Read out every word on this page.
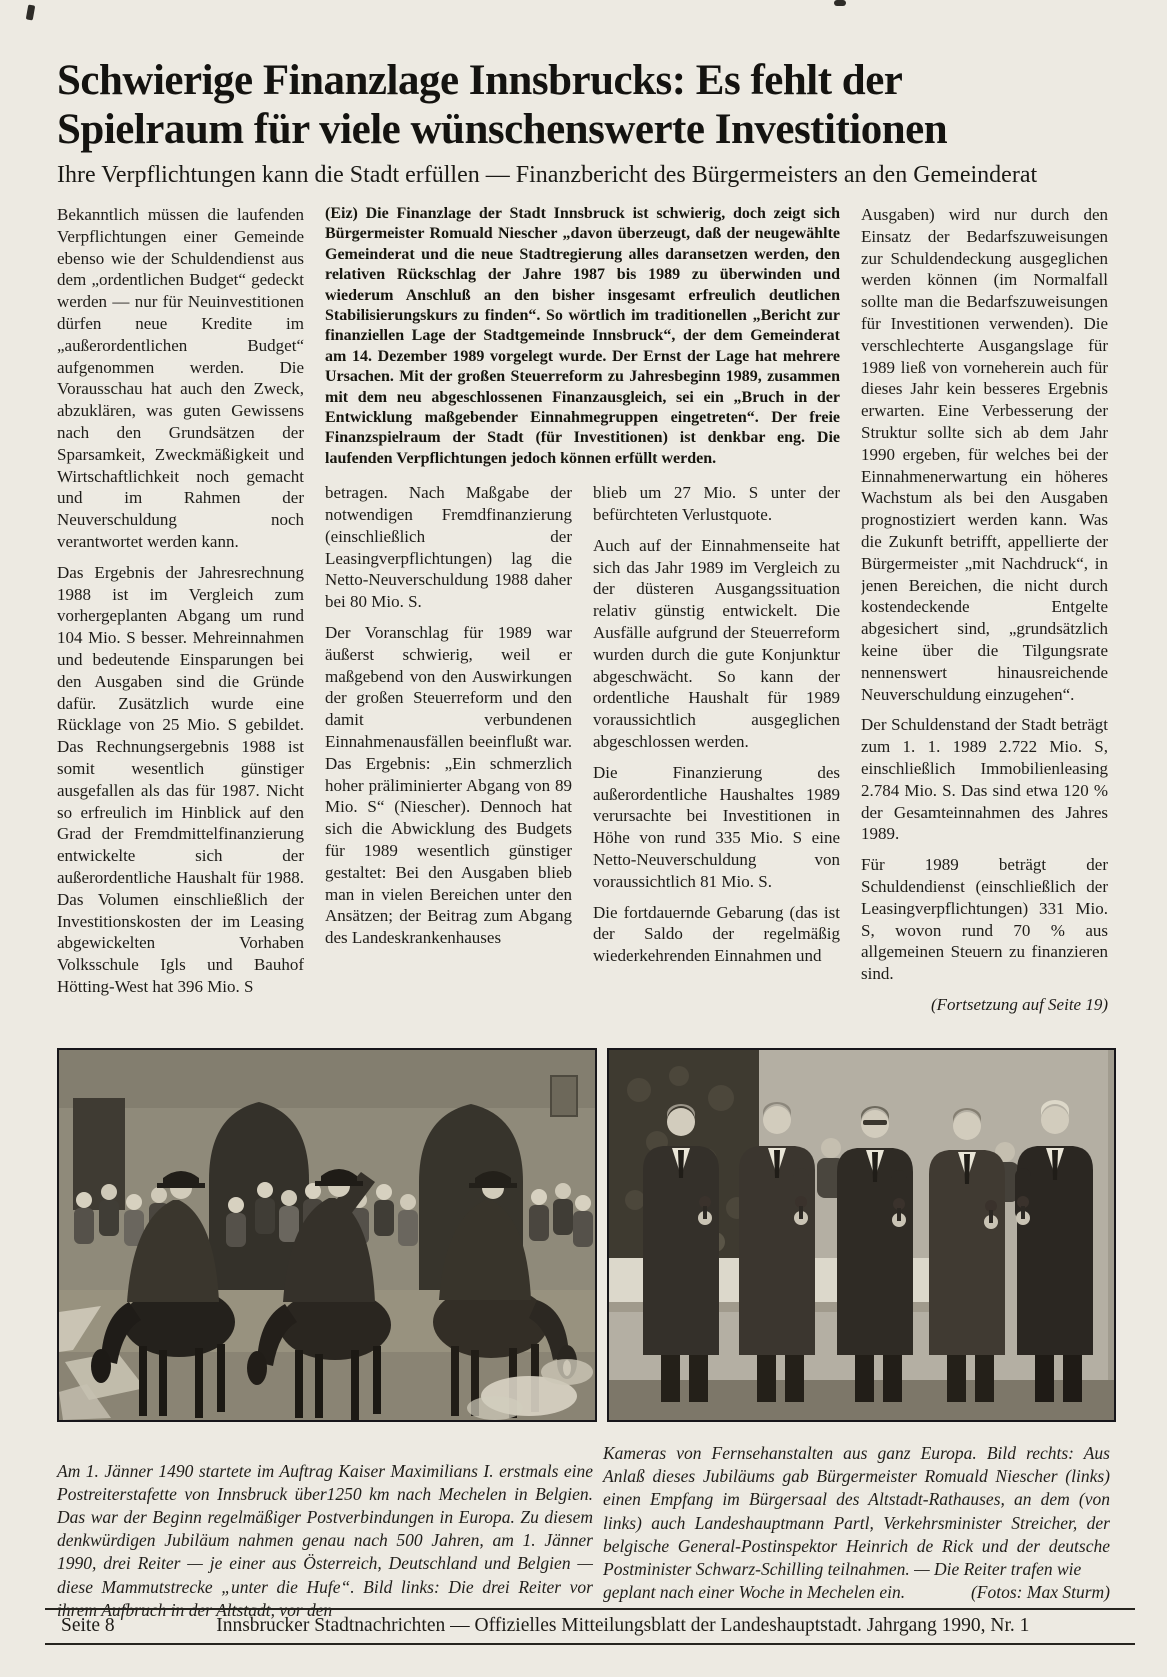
Schwierige Finanzlage Innsbrucks: Es fehlt der
Spielraum für viele wünschenswerte Investitionen
Ihre Verpflichtungen kann die Stadt erfüllen — Finanzbericht des Bürgermeisters an den Gemeinderat

Bekanntlich müssen die laufenden Verpflichtungen einer Gemeinde ebenso wie der Schuldendienst aus dem „ordentlichen Budget“ gedeckt werden — nur für Neuinvestitionen dürfen neue Kredite im „außerordentlichen Budget“ aufgenommen werden. Die Vorausschau hat auch den Zweck, abzuklären, was guten Gewissens nach den Grundsätzen der Sparsamkeit, Zweckmäßigkeit und Wirtschaftlichkeit noch gemacht und im Rahmen der Neuverschuldung noch verantwortet werden kann.

Das Ergebnis der Jahresrechnung 1988 ist im Vergleich zum vorhergeplanten Abgang um rund 104 Mio. S besser. Mehreinnahmen und bedeutende Einsparungen bei den Ausgaben sind die Gründe dafür. Zusätzlich wurde eine Rücklage von 25 Mio. S gebildet. Das Rechnungsergebnis 1988 ist somit wesentlich günstiger ausgefallen als das für 1987. Nicht so erfreulich im Hinblick auf den Grad der Fremdmittelfinanzierung entwickelte sich der außerordentliche Haushalt für 1988. Das Volumen einschließlich der Investitionskosten der im Leasing abgewickelten Vorhaben Volksschule Igls und Bauhof Hötting-West hat 396 Mio. S

(Eiz) Die Finanzlage der Stadt Innsbruck ist schwierig, doch zeigt sich Bürgermeister Romuald Niescher „davon überzeugt, daß der neugewählte Gemeinderat und die neue Stadtregierung alles daransetzen werden, den relativen Rückschlag der Jahre 1987 bis 1989 zu überwinden und wiederum Anschluß an den bisher insgesamt erfreulich deutlichen Stabilisierungskurs zu finden“. So wörtlich im traditionellen „Bericht zur finanziellen Lage der Stadtgemeinde Innsbruck“, der dem Gemeinderat am 14. Dezember 1989 vorgelegt wurde. Der Ernst der Lage hat mehrere Ursachen. Mit der großen Steuerreform zu Jahresbeginn 1989, zusammen mit dem neu abgeschlossenen Finanzausgleich, sei ein „Bruch in der Entwicklung maßgebender Einnahmegruppen eingetreten“. Der freie Finanzspielraum der Stadt (für Investitionen) ist denkbar eng. Die laufenden Verpflichtungen jedoch können erfüllt werden.

betragen. Nach Maßgabe der notwendigen Fremdfinanzierung (einschließlich der Leasingverpflichtungen) lag die Netto-Neuverschuldung 1988 daher bei 80 Mio. S.

Der Voranschlag für 1989 war äußerst schwierig, weil er maßgebend von den Auswirkungen der großen Steuerreform und den damit verbundenen Einnahmenausfällen beeinflußt war. Das Ergebnis: „Ein schmerzlich hoher präliminierter Abgang von 89 Mio. S“ (Niescher). Dennoch hat sich die Abwicklung des Budgets für 1989 wesentlich günstiger gestaltet: Bei den Ausgaben blieb man in vielen Bereichen unter den Ansätzen; der Beitrag zum Abgang des Landeskrankenhauses

blieb um 27 Mio. S unter der befürchteten Verlustquote.

Auch auf der Einnahmenseite hat sich das Jahr 1989 im Vergleich zu der düsteren Ausgangssituation relativ günstig entwickelt. Die Ausfälle aufgrund der Steuerreform wurden durch die gute Konjunktur abgeschwächt. So kann der ordentliche Haushalt für 1989 voraussichtlich ausgeglichen abgeschlossen werden.

Die Finanzierung des außerordentliche Haushaltes 1989 verursachte bei Investitionen in Höhe von rund 335 Mio. S eine Netto-Neuverschuldung von voraussichtlich 81 Mio. S.

Die fortdauernde Gebarung (das ist der Saldo der regelmäßig wiederkehrenden Einnahmen und

Ausgaben) wird nur durch den Einsatz der Bedarfszuweisungen zur Schuldendeckung ausgeglichen werden können (im Normalfall sollte man die Bedarfszuweisungen für Investitionen verwenden). Die verschlechterte Ausgangslage für 1989 ließ von vorneherein auch für dieses Jahr kein besseres Ergebnis erwarten. Eine Verbesserung der Struktur sollte sich ab dem Jahr 1990 ergeben, für welches bei der Einnahmenerwartung ein höheres Wachstum als bei den Ausgaben prognostiziert werden kann. Was die Zukunft betrifft, appellierte der Bürgermeister „mit Nachdruck“, in jenen Bereichen, die nicht durch kostendeckende Entgelte abgesichert sind, „grundsätzlich keine über die Tilgungsrate nennenswert hinausreichende Neuverschuldung einzugehen“.

Der Schuldenstand der Stadt beträgt zum 1. 1. 1989 2.722 Mio. S, einschließlich Immobilienleasing 2.784 Mio. S. Das sind etwa 120 % der Gesamteinnahmen des Jahres 1989.

Für 1989 beträgt der Schuldendienst (einschließlich der Leasingverpflichtungen) 331 Mio. S, wovon rund 70 % aus allgemeinen Steuern zu finanzieren sind.

(Fortsetzung auf Seite 19)

Am 1. Jänner 1490 startete im Auftrag Kaiser Maximilians I. erstmals eine Postreiterstafette von Innsbruck über1250 km nach Mechelen in Belgien. Das war der Beginn regelmäßiger Postverbindungen in Europa. Zu diesem denkwürdigen Jubiläum nahmen genau nach 500 Jahren, am 1. Jänner 1990, drei Reiter — je einer aus Österreich, Deutschland und Belgien — diese Mammutstrecke „unter die Hufe“. Bild links: Die drei Reiter vor ihrem Aufbruch in der Altstadt, vor den

Kameras von Fernsehanstalten aus ganz Europa. Bild rechts: Aus Anlaß dieses Jubiläums gab Bürgermeister Romuald Niescher (links) einen Empfang im Bürgersaal des Altstadt-Rathauses, an dem (von links) auch Landeshauptmann Partl, Verkehrsminister Streicher, der belgische General-Postinspektor Heinrich de Rick und der deutsche Postminister Schwarz-Schilling teilnahmen. — Die Reiter trafen wie

geplant nach einer Woche in Mechelen ein.	(Fotos: Max Sturm)

Seite 8	Innsbrucker Stadtnachrichten — Offizielles Mitteilungsblatt der Landeshauptstadt. Jahrgang 1990, Nr. 1
